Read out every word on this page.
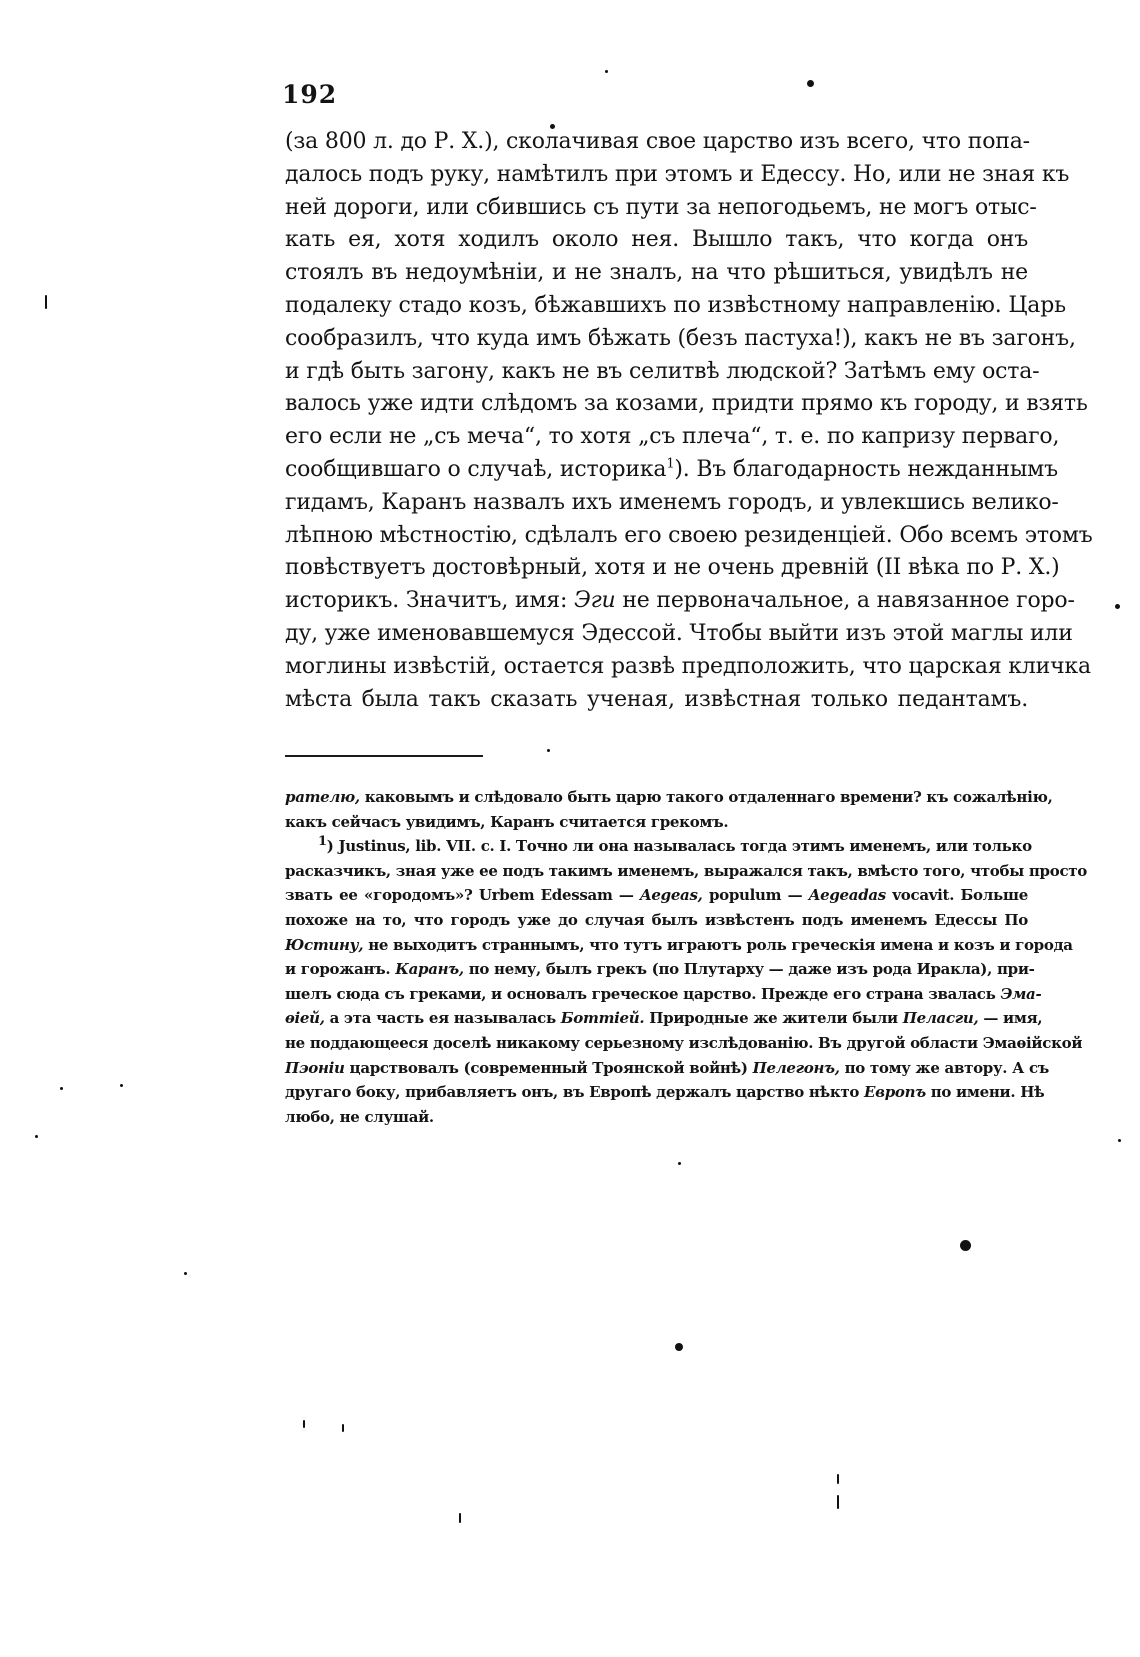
192
(за 800 л. до Р. X.), сколачивая свое царство изъ всего, что попа-
далось подъ руку, намѣтилъ при этомъ и Едессу. Но, или не зная къ
ней дороги, или сбившись съ пути за непогодьемъ, не могъ отыс-
кать ея, хотя ходилъ около нея. Вышло такъ, что когда онъ
стоялъ въ недоумѣніи, и не зналъ, на что рѣшиться, увидѣлъ не
подалеку стадо козъ, бѣжавшихъ по извѣстному направленію. Царь
сообразилъ, что куда имъ бѣжать (безъ пастуха!), какъ не въ загонъ,
и гдѣ быть загону, какъ не въ селитвѣ людской? Затѣмъ ему оста-
валось уже идти слѣдомъ за козами, придти прямо къ городу, и взять
его если не „съ меча“, то хотя „съ плеча“, т. е. по капризу перваго,
сообщившаго о случаѣ, историка$^1$). Въ благодарность нежданнымъ
гидамъ, Каранъ назвалъ ихъ именемъ городъ, и увлекшись велико-
лѣпною мѣстностію, сдѣлалъ его своею резиденціей. Обо всемъ этомъ
повѣствуетъ достовѣрный, хотя и не очень древній (II вѣка по Р. X.)
историкъ. Значитъ, имя: Эги не первоначальное, а навязанное горо-
ду, уже именовавшемуся Эдессой. Чтобы выйти изъ этой маглы или
моглины извѣстій, остается развѣ предположить, что царская кличка
мѣста была такъ сказать ученая, извѣстная только педантамъ.
рателю, каковымъ и слѣдовало быть царю такого отдаленнаго времени? къ сожалѣнію,
какъ сейчасъ увидимъ, Каранъ считается грекомъ.
1) Justinus, lib. VII. c. I. Точно ли она называлась тогда этимъ именемъ, или только
расказчикъ, зная уже ее подъ такимъ именемъ, выражался такъ, вмѣсто того, чтобы просто
звать ее «городомъ»? Urbem Edessam — Aegeas, populum — Aegeadas vocavit. Больше
похоже на то, что городъ уже до случая былъ извѣстенъ подъ именемъ Едессы По
Юстину, не выходитъ страннымъ, что тутъ играютъ роль греческія имена и козъ и города
и горожанъ. Каранъ, по нему, былъ грекъ (по Плутарху — даже изъ рода Иракла), при-
шелъ сюда съ греками, и основалъ греческое царство. Прежде его страна звалась Эма-
ѳіей, а эта часть ея называлась Боттіей. Природные же жители были Пеласги, — имя,
не поддающееся доселѣ никакому серьезному изслѣдованію. Въ другой области Эмаѳійской
Пэоніи царствовалъ (современный Троянской войнѣ) Пелегонъ, по тому же автору. А съ
другаго боку, прибавляетъ онъ, въ Европѣ держалъ царство нѣкто Европъ по имени. Нѣ
любо, не слушай.
